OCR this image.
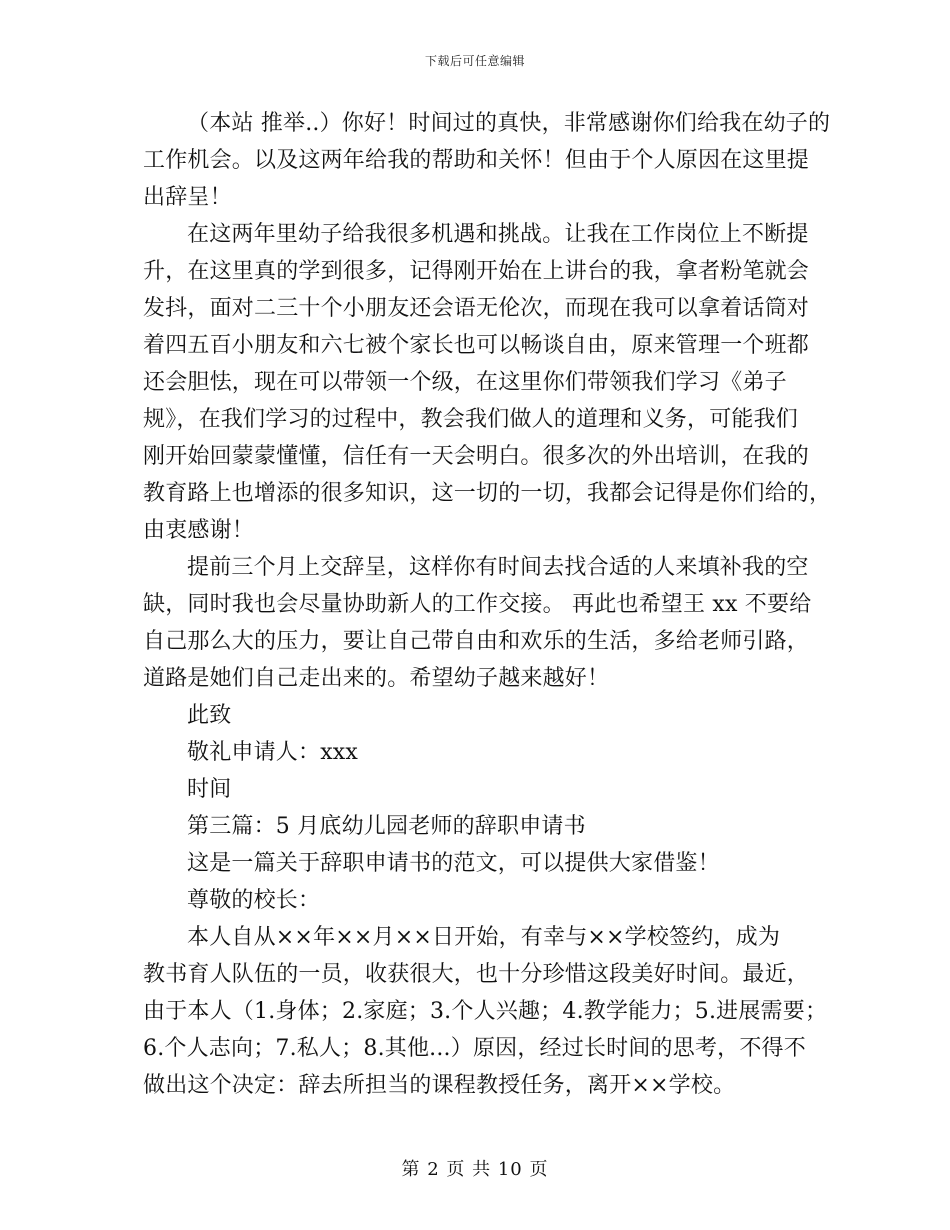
下载后可任意编辑
（本站 推举..）你好！时间过的真快，非常感谢你们给我在幼子的
工作机会。以及这两年给我的帮助和关怀！但由于个人原因在这里提
出辞呈！
在这两年里幼子给我很多机遇和挑战。让我在工作岗位上不断提
升，在这里真的学到很多，记得刚开始在上讲台的我，拿者粉笔就会
发抖，面对二三十个小朋友还会语无伦次，而现在我可以拿着话筒对
着四五百小朋友和六七被个家长也可以畅谈自由，原来管理一个班都
还会胆怯，现在可以带领一个级，在这里你们带领我们学习《弟子
规》，在我们学习的过程中，教会我们做人的道理和义务，可能我们
刚开始回蒙蒙懂懂，信任有一天会明白。很多次的外出培训，在我的
教育路上也增添的很多知识，这一切的一切，我都会记得是你们给的，
由衷感谢！
提前三个月上交辞呈，这样你有时间去找合适的人来填补我的空
缺，同时我也会尽量协助新人的工作交接。 再此也希望王 xx 不要给
自己那么大的压力，要让自己带自由和欢乐的生活，多给老师引路，
道路是她们自己走出来的。希望幼子越来越好！
此致
敬礼申请人：xxx
时间
第三篇：5 月底幼儿园老师的辞职申请书
这是一篇关于辞职申请书的范文，可以提供大家借鉴！
尊敬的校长：
本人自从××年××月××日开始，有幸与××学校签约，成为
教书育人队伍的一员，收获很大，也十分珍惜这段美好时间。最近，
由于本人（1.身体；2.家庭；3.个人兴趣；4.教学能力；5.进展需要；
6.个人志向；7.私人；8.其他...）原因，经过长时间的思考，不得不
做出这个决定：辞去所担当的课程教授任务，离开××学校。
第 2 页 共 10 页
